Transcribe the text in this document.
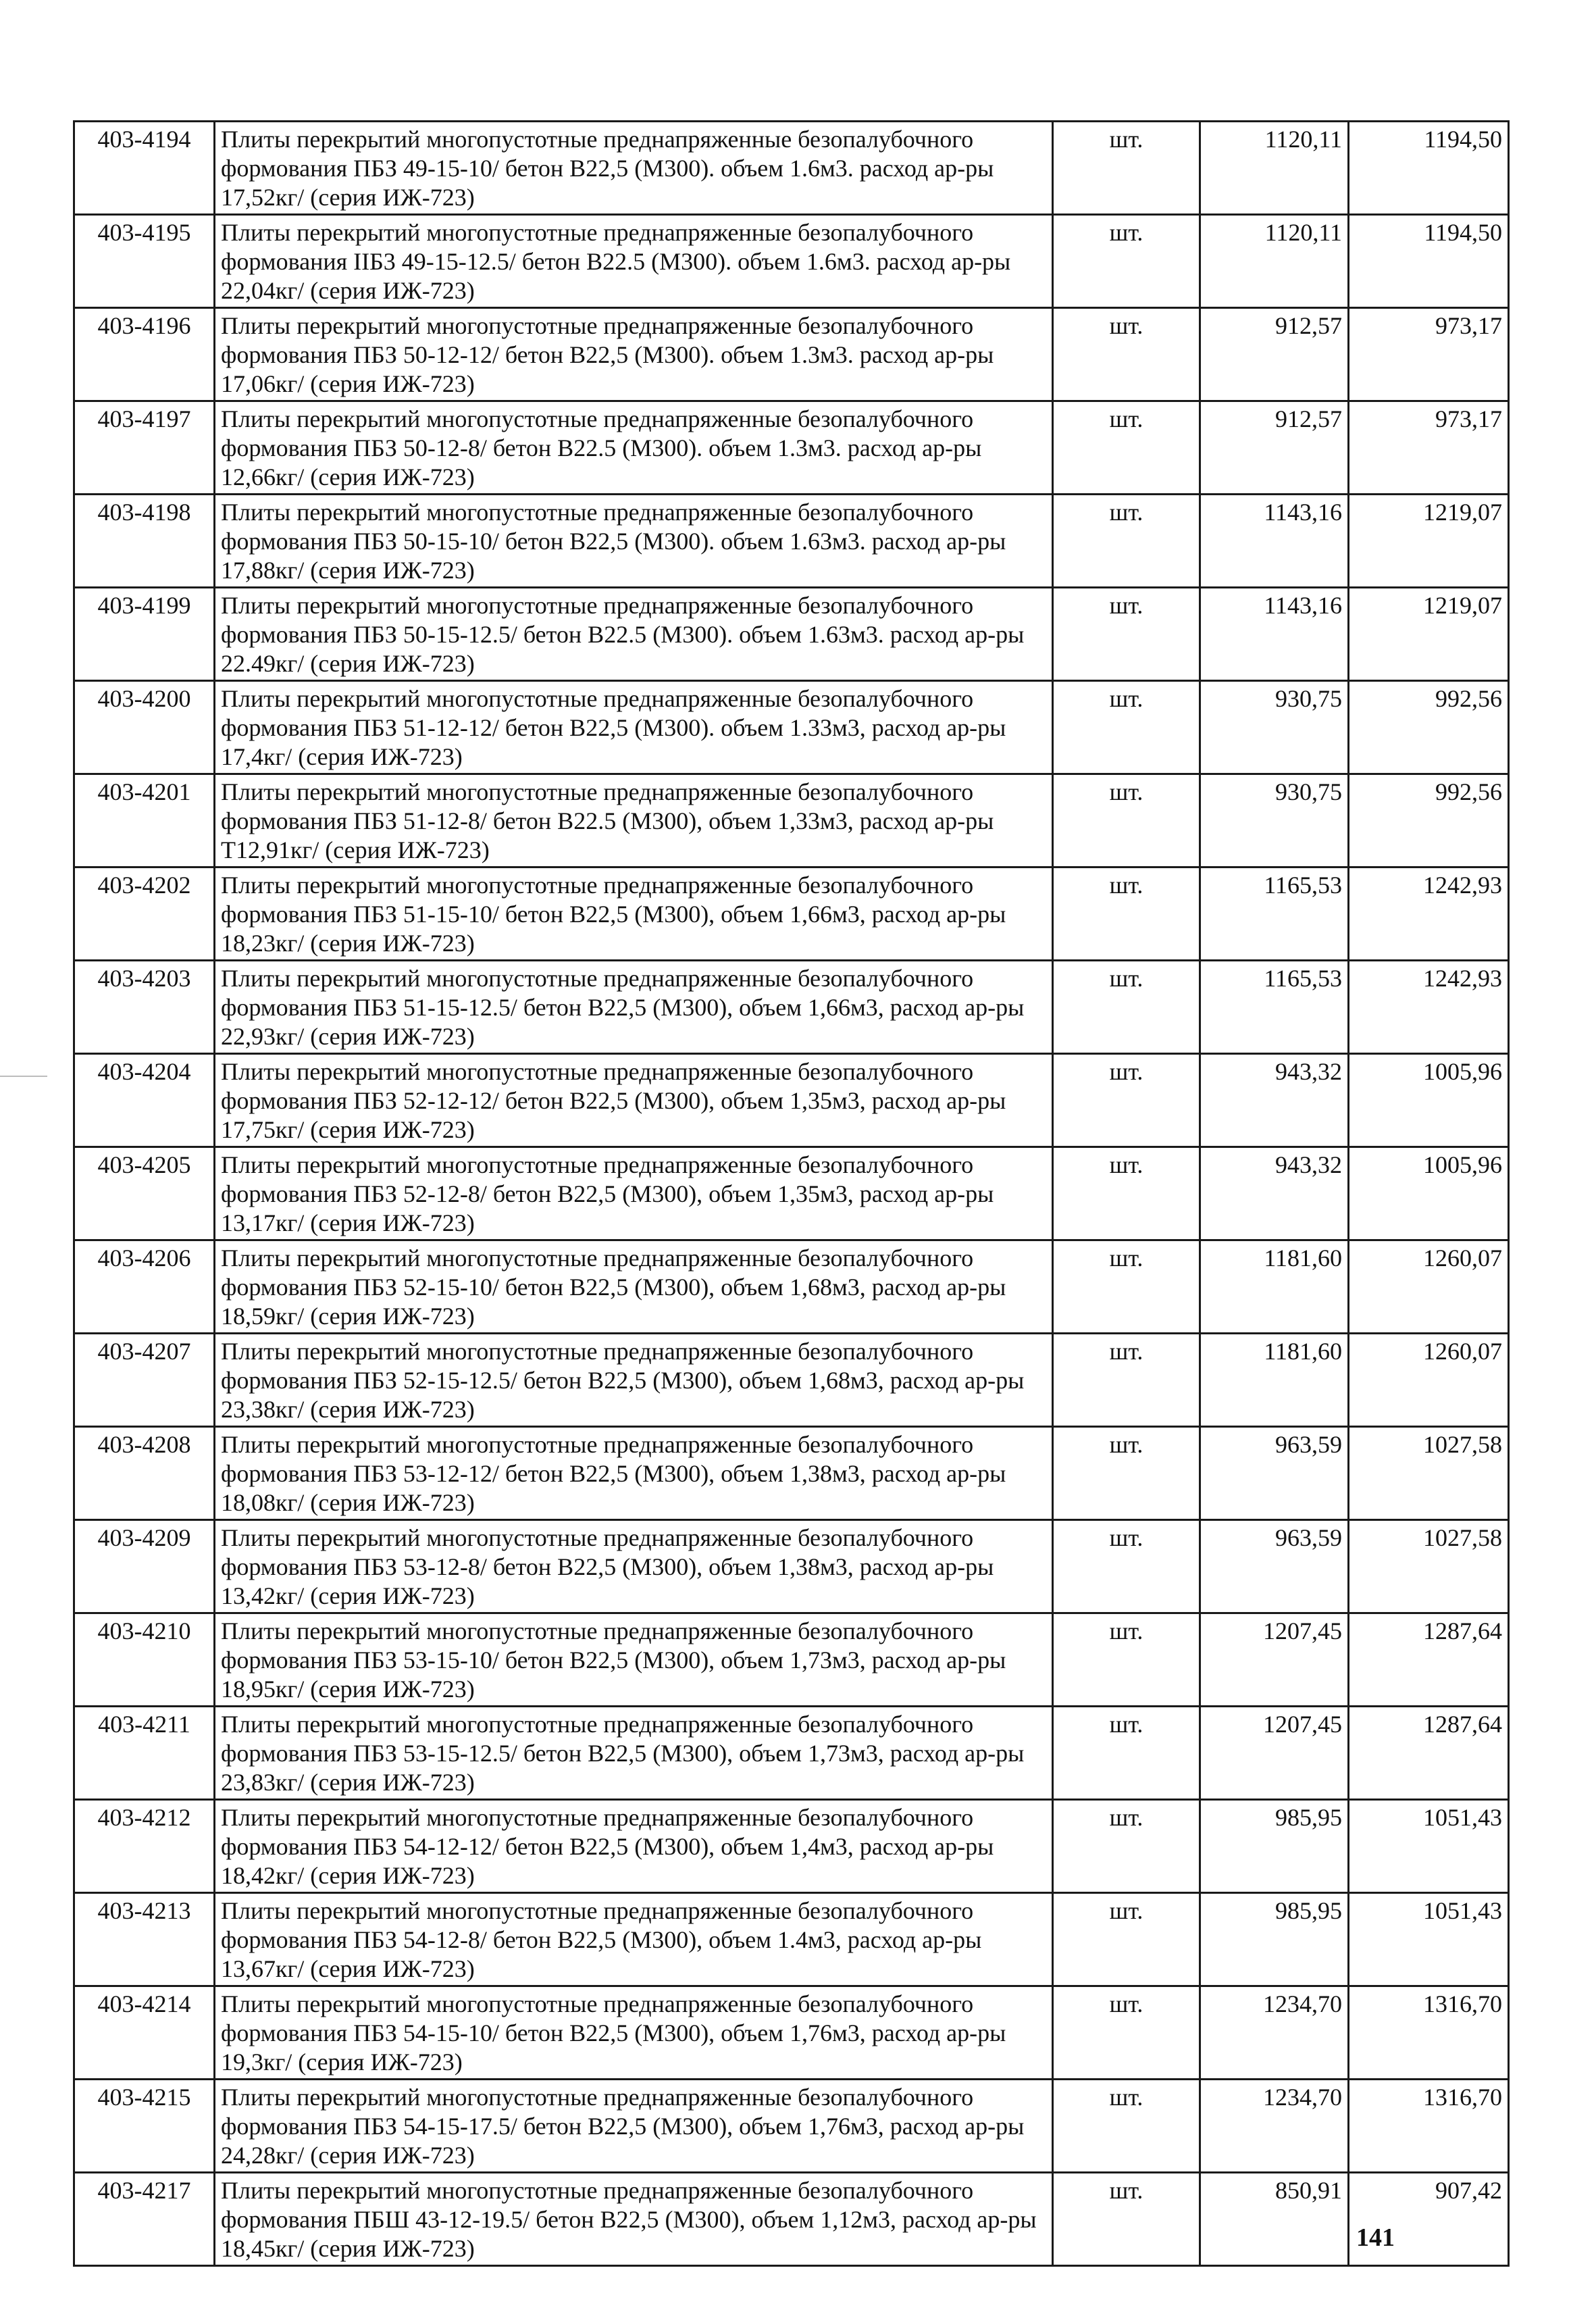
403-4194	Плиты перекрытий многопустотные преднапряженные безопалубочного формования ПБЗ 49-15-10/ бетон В22,5 (М300). объем 1.6м3. расход ар-ры 17,52кг/ (серия ИЖ-723)	шт.	1120,11	1194,50
403-4195	Плиты перекрытий многопустотные преднапряженные безопалубочного формования IIБ3 49-15-12.5/ бетон В22.5 (М300). объем 1.6м3. расход ар-ры 22,04кг/ (серия ИЖ-723)	шт.	1120,11	1194,50
403-4196	Плиты перекрытий многопустотные преднапряженные безопалубочного формования ПБЗ 50-12-12/ бетон В22,5 (М300). объем 1.3м3. расход ар-ры 17,06кг/ (серия ИЖ-723)	шт.	912,57	973,17
403-4197	Плиты перекрытий многопустотные преднапряженные безопалубочного формования ПБЗ 50-12-8/ бетон В22.5 (М300). объем 1.3м3. расход ар-ры 12,66кг/ (серия ИЖ-723)	шт.	912,57	973,17
403-4198	Плиты перекрытий многопустотные преднапряженные безопалубочного формования ПБЗ 50-15-10/ бетон В22,5 (М300). объем 1.63м3. расход ар-ры 17,88кг/ (серия ИЖ-723)	шт.	1143,16	1219,07
403-4199	Плиты перекрытий многопустотные преднапряженные безопалубочного формования ПБЗ 50-15-12.5/ бетон В22.5 (М300). объем 1.63м3. расход ар-ры 22.49кг/ (серия ИЖ-723)	шт.	1143,16	1219,07
403-4200	Плиты перекрытий многопустотные преднапряженные безопалубочного формования ПБЗ 51-12-12/ бетон В22,5 (М300). объем 1.33м3, расход ар-ры 17,4кг/ (серия ИЖ-723)	шт.	930,75	992,56
403-4201	Плиты перекрытий многопустотные преднапряженные безопалубочного формования ПБЗ 51-12-8/ бетон В22.5 (М300), объем 1,33м3, расход ар-ры Т12,91кг/ (серия ИЖ-723)	шт.	930,75	992,56
403-4202	Плиты перекрытий многопустотные преднапряженные безопалубочного формования ПБЗ 51-15-10/ бетон В22,5 (М300), объем 1,66м3, расход ар-ры 18,23кг/ (серия ИЖ-723)	шт.	1165,53	1242,93
403-4203	Плиты перекрытий многопустотные преднапряженные безопалубочного формования ПБЗ 51-15-12.5/ бетон В22,5 (М300), объем 1,66м3, расход ар-ры 22,93кг/ (серия ИЖ-723)	шт.	1165,53	1242,93
403-4204	Плиты перекрытий многопустотные преднапряженные безопалубочного формования ПБЗ 52-12-12/ бетон В22,5 (М300), объем 1,35м3, расход ар-ры 17,75кг/ (серия ИЖ-723)	шт.	943,32	1005,96
403-4205	Плиты перекрытий многопустотные преднапряженные безопалубочного формования ПБЗ 52-12-8/ бетон В22,5 (М300), объем 1,35м3, расход ар-ры 13,17кг/ (серия ИЖ-723)	шт.	943,32	1005,96
403-4206	Плиты перекрытий многопустотные преднапряженные безопалубочного формования ПБЗ 52-15-10/ бетон В22,5 (М300), объем 1,68м3, расход ар-ры 18,59кг/ (серия ИЖ-723)	шт.	1181,60	1260,07
403-4207	Плиты перекрытий многопустотные преднапряженные безопалубочного формования ПБЗ 52-15-12.5/ бетон В22,5 (М300), объем 1,68м3, расход ар-ры 23,38кг/ (серия ИЖ-723)	шт.	1181,60	1260,07
403-4208	Плиты перекрытий многопустотные преднапряженные безопалубочного формования ПБЗ 53-12-12/ бетон В22,5 (М300), объем 1,38м3, расход ар-ры 18,08кг/ (серия ИЖ-723)	шт.	963,59	1027,58
403-4209	Плиты перекрытий многопустотные преднапряженные безопалубочного формования ПБЗ 53-12-8/ бетон В22,5 (М300), объем 1,38м3, расход ар-ры 13,42кг/ (серия ИЖ-723)	шт.	963,59	1027,58
403-4210	Плиты перекрытий многопустотные преднапряженные безопалубочного формования ПБЗ 53-15-10/ бетон В22,5 (М300), объем 1,73м3, расход ар-ры 18,95кг/ (серия ИЖ-723)	шт.	1207,45	1287,64
403-4211	Плиты перекрытий многопустотные преднапряженные безопалубочного формования ПБЗ 53-15-12.5/ бетон В22,5 (М300), объем 1,73м3, расход ар-ры 23,83кг/ (серия ИЖ-723)	шт.	1207,45	1287,64
403-4212	Плиты перекрытий многопустотные преднапряженные безопалубочного формования ПБЗ 54-12-12/ бетон В22,5 (М300), объем 1,4м3, расход ар-ры 18,42кг/ (серия ИЖ-723)	шт.	985,95	1051,43
403-4213	Плиты перекрытий многопустотные преднапряженные безопалубочного формования ПБЗ 54-12-8/ бетон В22,5 (М300), объем 1.4м3, расход ар-ры 13,67кг/ (серия ИЖ-723)	шт.	985,95	1051,43
403-4214	Плиты перекрытий многопустотные преднапряженные безопалубочного формования ПБЗ 54-15-10/ бетон В22,5 (М300), объем 1,76м3, расход ар-ры 19,3кг/ (серия ИЖ-723)	шт.	1234,70	1316,70
403-4215	Плиты перекрытий многопустотные преднапряженные безопалубочного формования ПБЗ 54-15-17.5/ бетон В22,5 (М300), объем 1,76м3, расход ар-ры 24,28кг/ (серия ИЖ-723)	шт.	1234,70	1316,70
403-4217	Плиты перекрытий многопустотные преднапряженные безопалубочного формования ПБШ 43-12-19.5/ бетон В22,5 (М300), объем 1,12м3, расход ар-ры 18,45кг/ (серия ИЖ-723)	шт.	850,91	907,42
141
